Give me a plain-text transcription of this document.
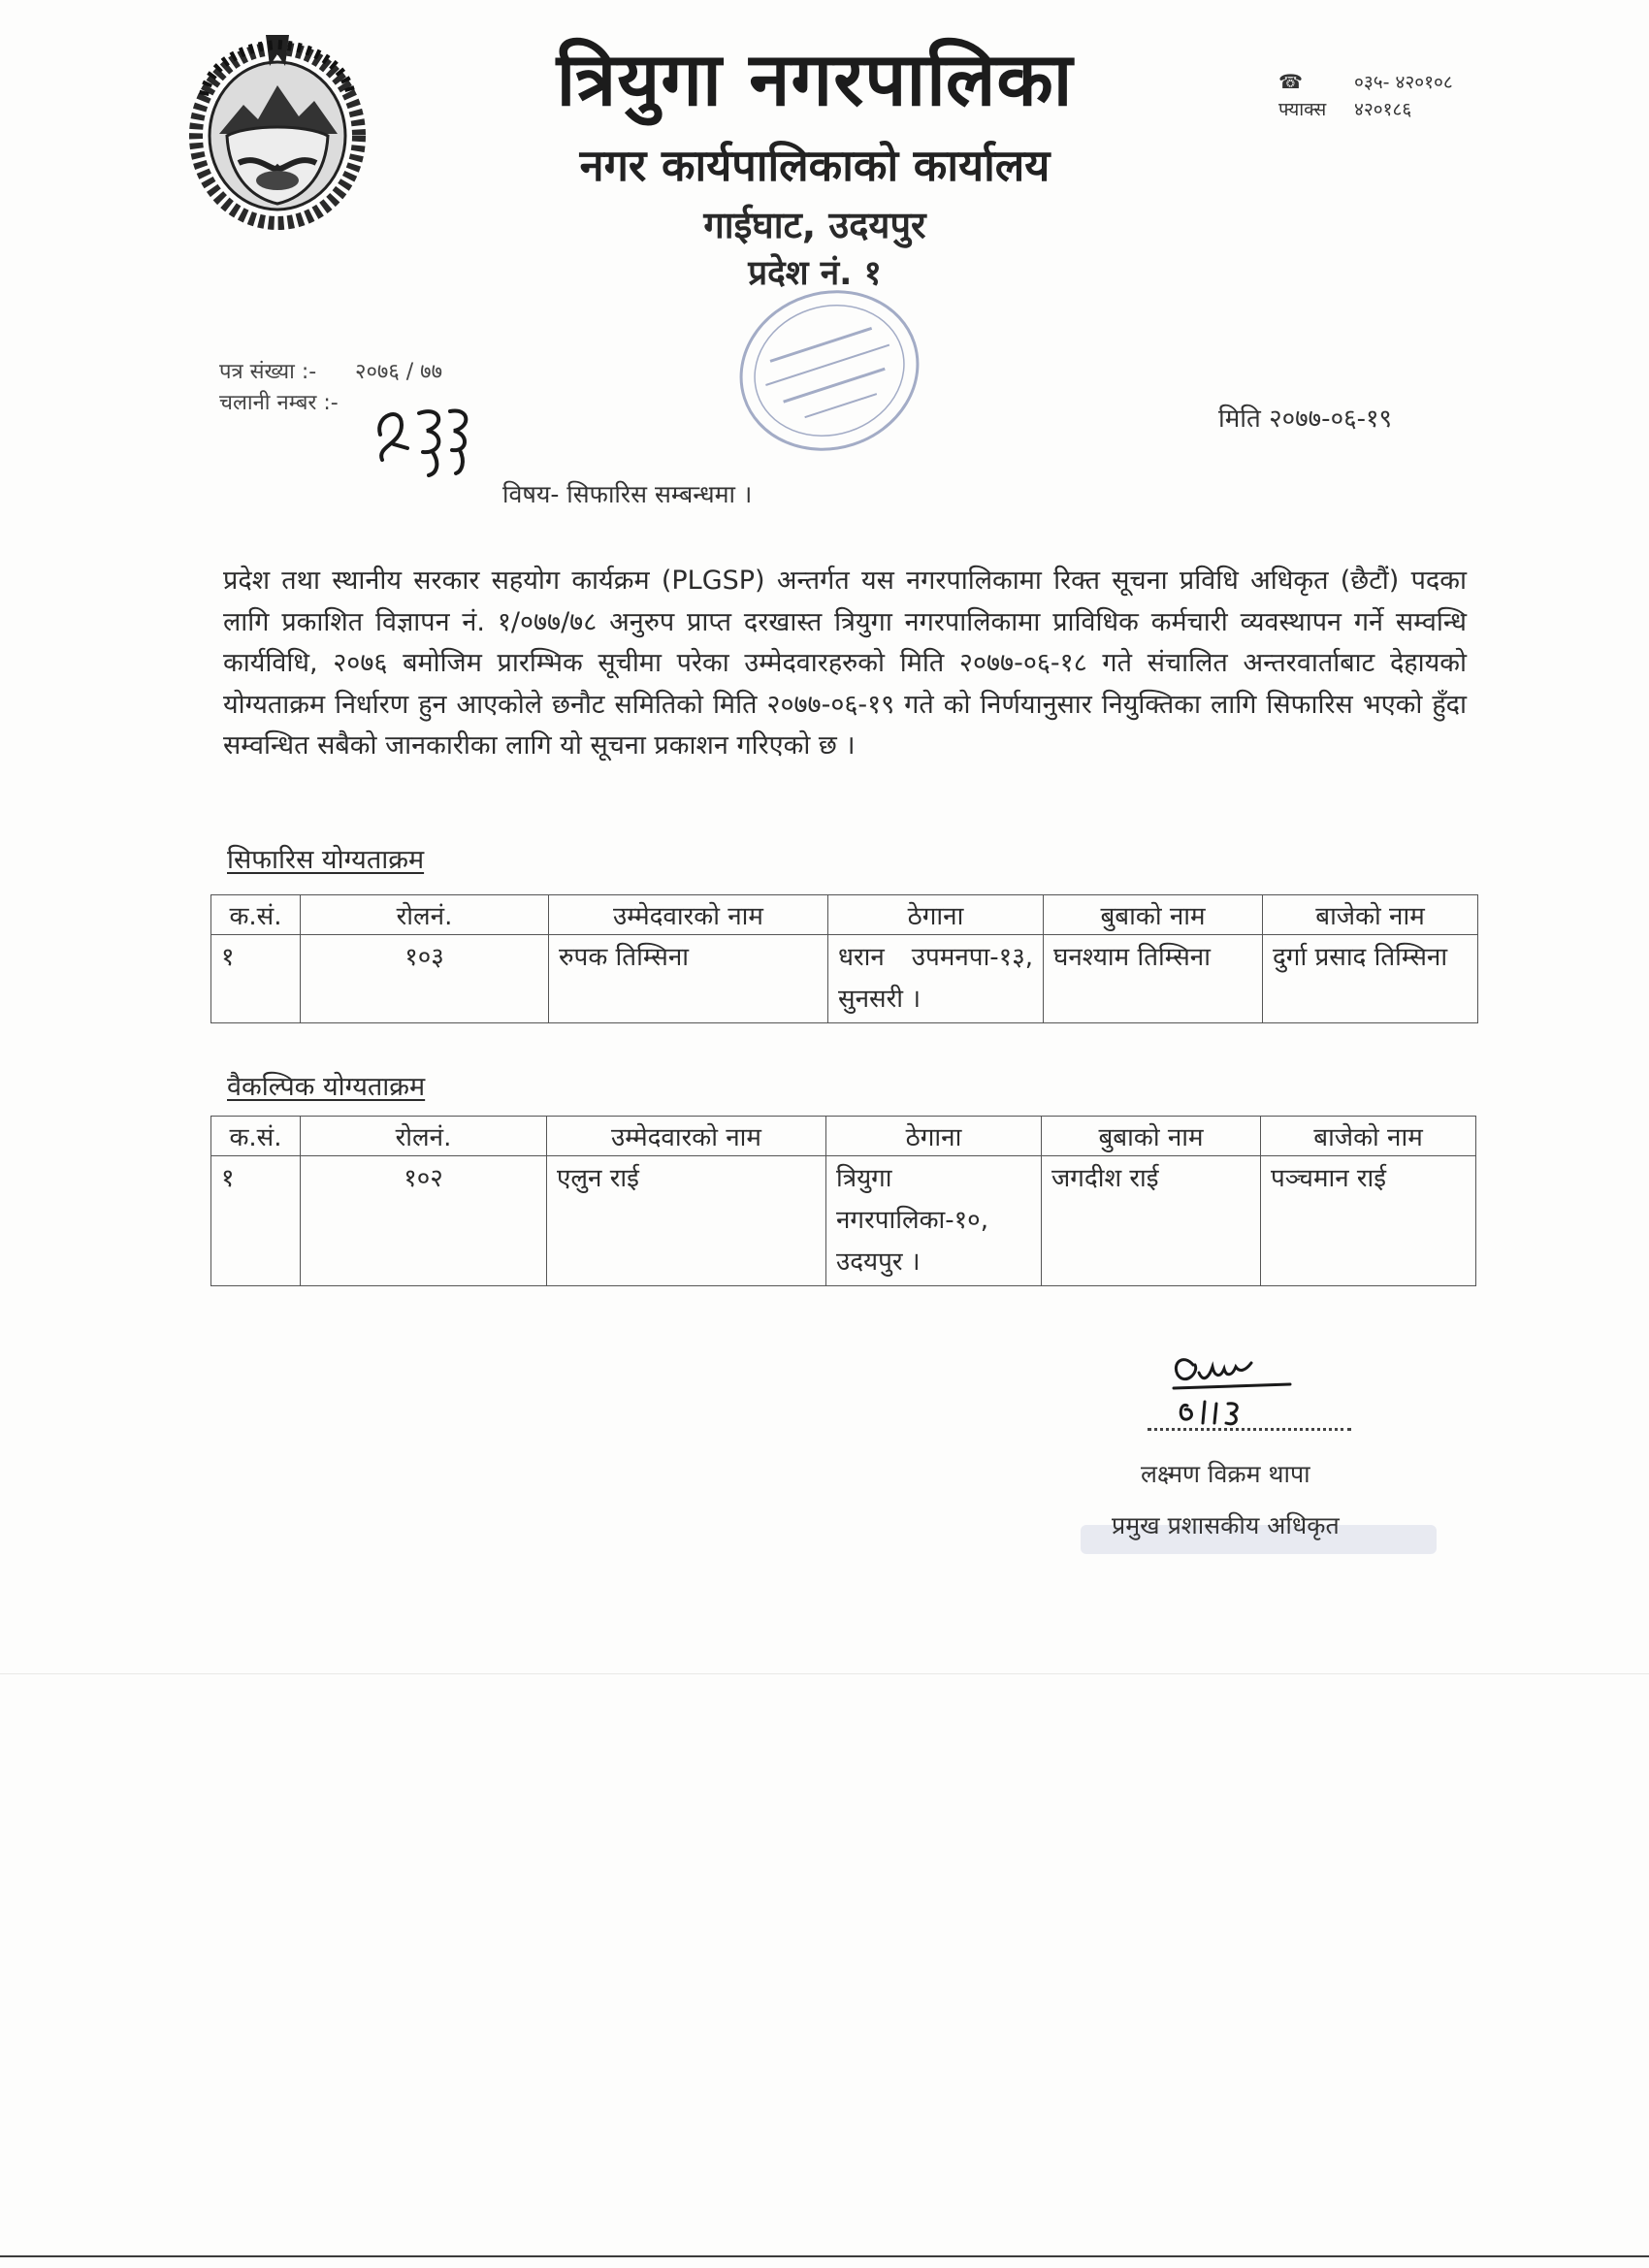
त्रियुगा नगरपालिका
नगर कार्यपालिकाको कार्यालय
गाईघाट, उदयपुर
प्रदेश नं. १
☎	०३५- ४२०१०८
फ्याक्स ४२०१८६
पत्र संख्या :- २०७६ / ७७
चलानी नम्बर :-
मिति २०७७-०६-१९
विषय- सिफारिस सम्बन्धमा ।
प्रदेश तथा स्थानीय सरकार सहयोग कार्यक्रम (PLGSP) अन्तर्गत यस नगरपालिकामा रिक्त सूचना प्रविधि अधिकृत (छैटौं) पदका लागि प्रकाशित विज्ञापन नं. १/०७७/७८ अनुरुप प्राप्त दरखास्त त्रियुगा नगरपालिकामा प्राविधिक कर्मचारी व्यवस्थापन गर्ने सम्वन्धि कार्यविधि, २०७६ बमोजिम प्रारम्भिक सूचीमा परेका उम्मेदवारहरुको मिति २०७७-०६-१८ गते संचालित अन्तरवार्ताबाट देहायको योग्यताक्रम निर्धारण हुन आएकोले छनौट समितिको मिति २०७७-०६-१९ गते को निर्णयानुसार नियुक्तिका लागि सिफारिस भएको हुँदा सम्वन्धित सबैको जानकारीका लागि यो सूचना प्रकाशन गरिएको छ ।
सिफारिस योग्यताक्रम
क.सं.	रोलनं.	उम्मेदवारको नाम	ठेगाना	बुबाको नाम	बाजेको नाम
१	१०३	रुपक तिम्सिना	धरान उपमनपा-१३, सुनसरी ।	घनश्याम तिम्सिना	दुर्गा प्रसाद तिम्सिना
वैकल्पिक योग्यताक्रम
क.सं.	रोलनं.	उम्मेदवारको नाम	ठेगाना	बुबाको नाम	बाजेको नाम
१	१०२	एलुन राई	त्रियुगा नगरपालिका-१०, उदयपुर ।	जगदीश राई	पञ्चमान राई
लक्ष्मण विक्रम थापा
प्रमुख प्रशासकीय अधिकृत
